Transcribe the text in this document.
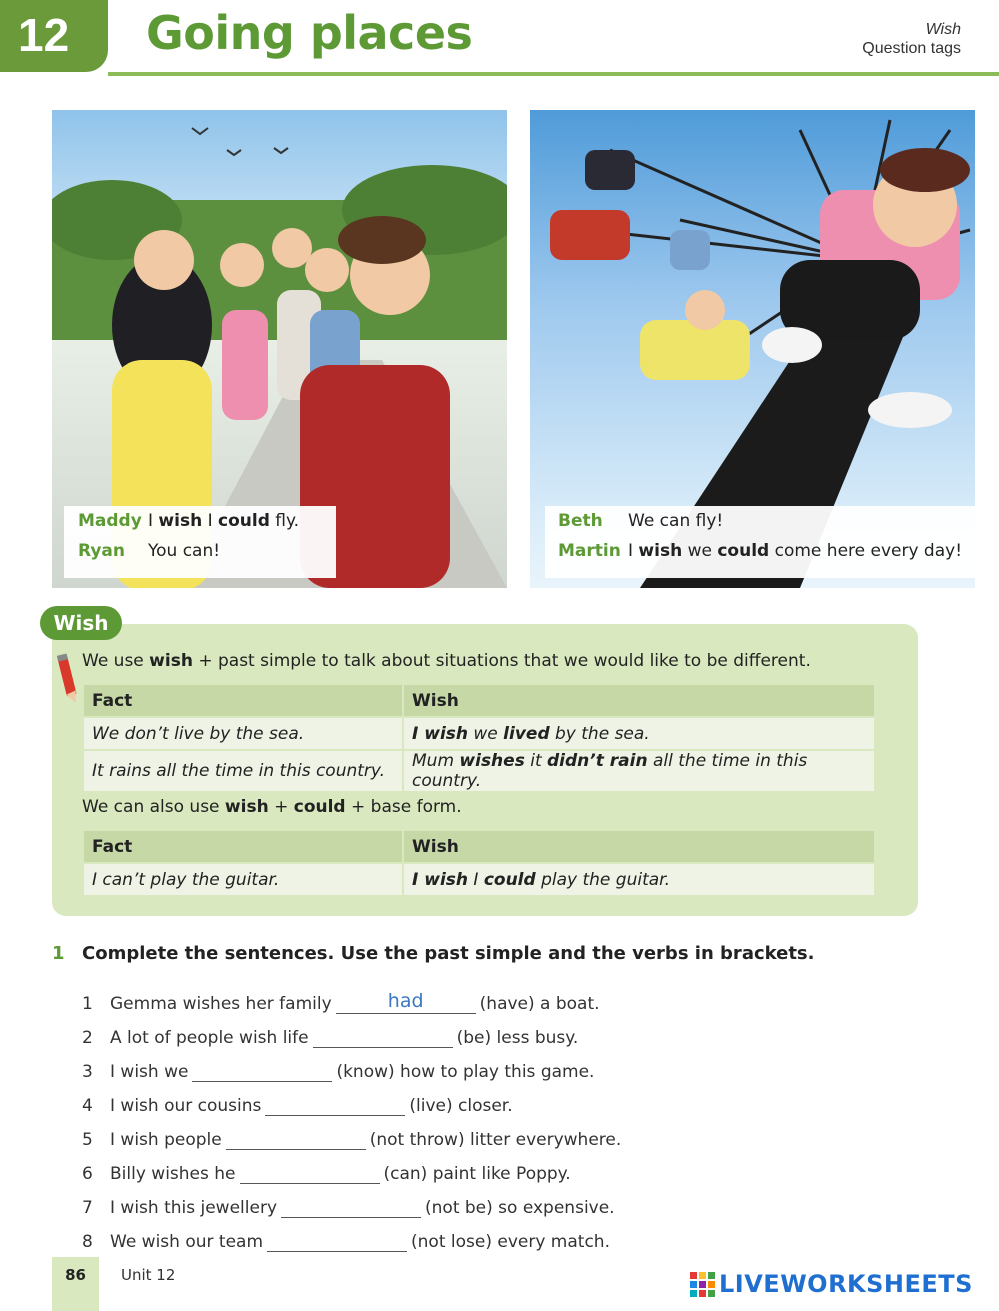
12 Going places	Wish
Question tags
Maddy I wish I could fly.
Ryan	You can!
Beth	We can fly!
Martin I wish we could come here every day!
Wish
We use wish + past simple to talk about situations that we would like to be different.
Fact	Wish
We don’t live by the sea.	I wish we lived by the sea.
It rains all the time in this country.	Mum wishes it didn’t rain all the time in this country.
We can also use wish + could + base form.
Fact	Wish
I can’t play the guitar.	I wish I could play the guitar.
1 Complete the sentences. Use the past simple and the verbs in brackets.
1	Gemma wishes her family	had	(have) a boat.
2	A lot of people wish life	(be) less busy.
3	I wish we	(know) how to play this game.
4	I wish our cousins	(live) closer.
5	I wish people	(not throw) litter everywhere.
6	Billy wishes he	(can) paint like Poppy.
7	I wish this jewellery	(not be) so expensive.
8	We wish our team	(not lose) every match.
86	Unit 12	LIVEWORKSHEETS
